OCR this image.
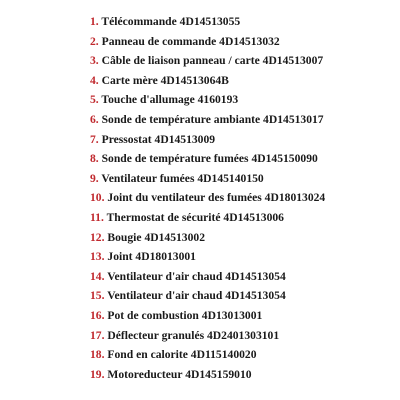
1. Télécommande 4D14513055
2. Panneau de commande 4D14513032
3. Câble de liaison panneau / carte 4D14513007
4. Carte mère 4D14513064B
5. Touche d'allumage 4160193
6. Sonde de température ambiante 4D14513017
7. Pressostat 4D14513009
8. Sonde de température fumées 4D145150090
9. Ventilateur fumées 4D145140150
10. Joint du ventilateur des fumées 4D18013024
11. Thermostat de sécurité 4D14513006
12. Bougie 4D14513002
13. Joint 4D18013001
14. Ventilateur d'air chaud 4D14513054
15. Ventilateur d'air chaud 4D14513054
16. Pot de combustion 4D13013001
17. Déflecteur granulés 4D2401303101
18. Fond en calorite 4D115140020
19. Motoreducteur 4D145159010
